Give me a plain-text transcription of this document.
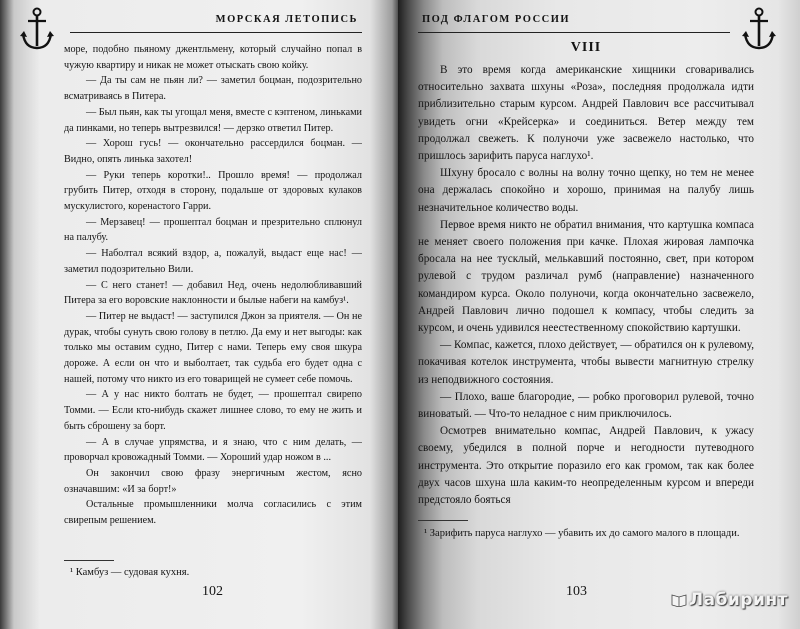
МОРСКАЯ ЛЕТОПИСЬ

море, подобно пьяному джентльмену, который случайно попал в чужую квартиру и никак не может отыскать свою койку.

— Да ты сам не пьян ли? — заметил боцман, подозрительно всматриваясь в Питера.

— Был пьян, как ты угощал меня, вместе с кэптеном, линьками да пинками, но теперь вытрезвился! — дерзко ответил Питер.

— Хорош гусь! — окончательно рассердился боцман. — Видно, опять линька захотел!

— Руки теперь коротки!.. Прошло время! — продолжал грубить Питер, отходя в сторону, подальше от здоровых кулаков мускулистого, коренастого Гарри.

— Мерзавец! — прошептал боцман и презрительно сплюнул на палубу.

— Наболтал всякий вздор, а, пожалуй, выдаст еще нас! — заметил подозрительно Вили.

— С него станет! — добавил Нед, очень недолюбливавший Питера за его воровские наклонности и былые набеги на камбуз¹.

— Питер не выдаст! — заступился Джон за приятеля. — Он не дурак, чтобы сунуть свою голову в петлю. Да ему и нет выгоды: как только мы оставим судно, Питер с нами. Теперь ему своя шкура дороже. А если он что и выболтает, так судьба его будет одна с нашей, потому что никто из его товарищей не сумеет себе помочь.

— А у нас никто болтать не будет, — прошептал свирепо Томми. — Если кто-нибудь скажет лишнее слово, то ему не жить и быть сброшену за борт.

— А в случае упрямства, и я знаю, что с ним делать, — проворчал кровожадный Томми. — Хороший удар ножом в ...

Он закончил свою фразу энергичным жестом, ясно означавшим: «И за борт!»

Остальные промышленники молча согласились с этим свирепым решением.

¹ Камбуз — судовая кухня.
102
ПОД ФЛАГОМ РОССИИ
VIII

В это время когда американские хищники сговаривались относительно захвата шхуны «Роза», последняя продолжала идти приблизительно старым курсом. Андрей Павлович все рассчитывал увидеть огни «Крейсерка» и соединиться. Ветер между тем продолжал свежеть. К полуночи уже засвежело настолько, что пришлось зарифить паруса наглухо¹.

Шхуну бросало с волны на волну точно щепку, но тем не менее она держалась спокойно и хорошо, принимая на палубу лишь незначительное количество воды.

Первое время никто не обратил внимания, что картушка компаса не меняет своего положения при качке. Плохая жировая лампочка бросала на нее тусклый, мелькавший постоянно, свет, при котором рулевой с трудом различал румб (направление) назначенного командиром курса. Около полуночи, когда окончательно засвежело, Андрей Павлович лично подошел к компасу, чтобы следить за курсом, и очень удивился неестественному спокойствию картушки.

— Компас, кажется, плохо действует, — обратился он к рулевому, покачивая котелок инструмента, чтобы вывести магнитную стрелку из неподвижного состояния.

— Плохо, ваше благородие, — робко проговорил рулевой, точно виноватый. — Что-то неладное с ним приключилось.

Осмотрев внимательно компас, Андрей Павлович, к ужасу своему, убедился в полной порче и негодности путеводного инструмента. Это открытие поразило его как громом, так как более двух часов шхуна шла каким-то неопределенным курсом и впереди предстояло бояться

¹ Зарифить паруса наглухо — убавить их до самого малого в площади.
103	Лабиринт
